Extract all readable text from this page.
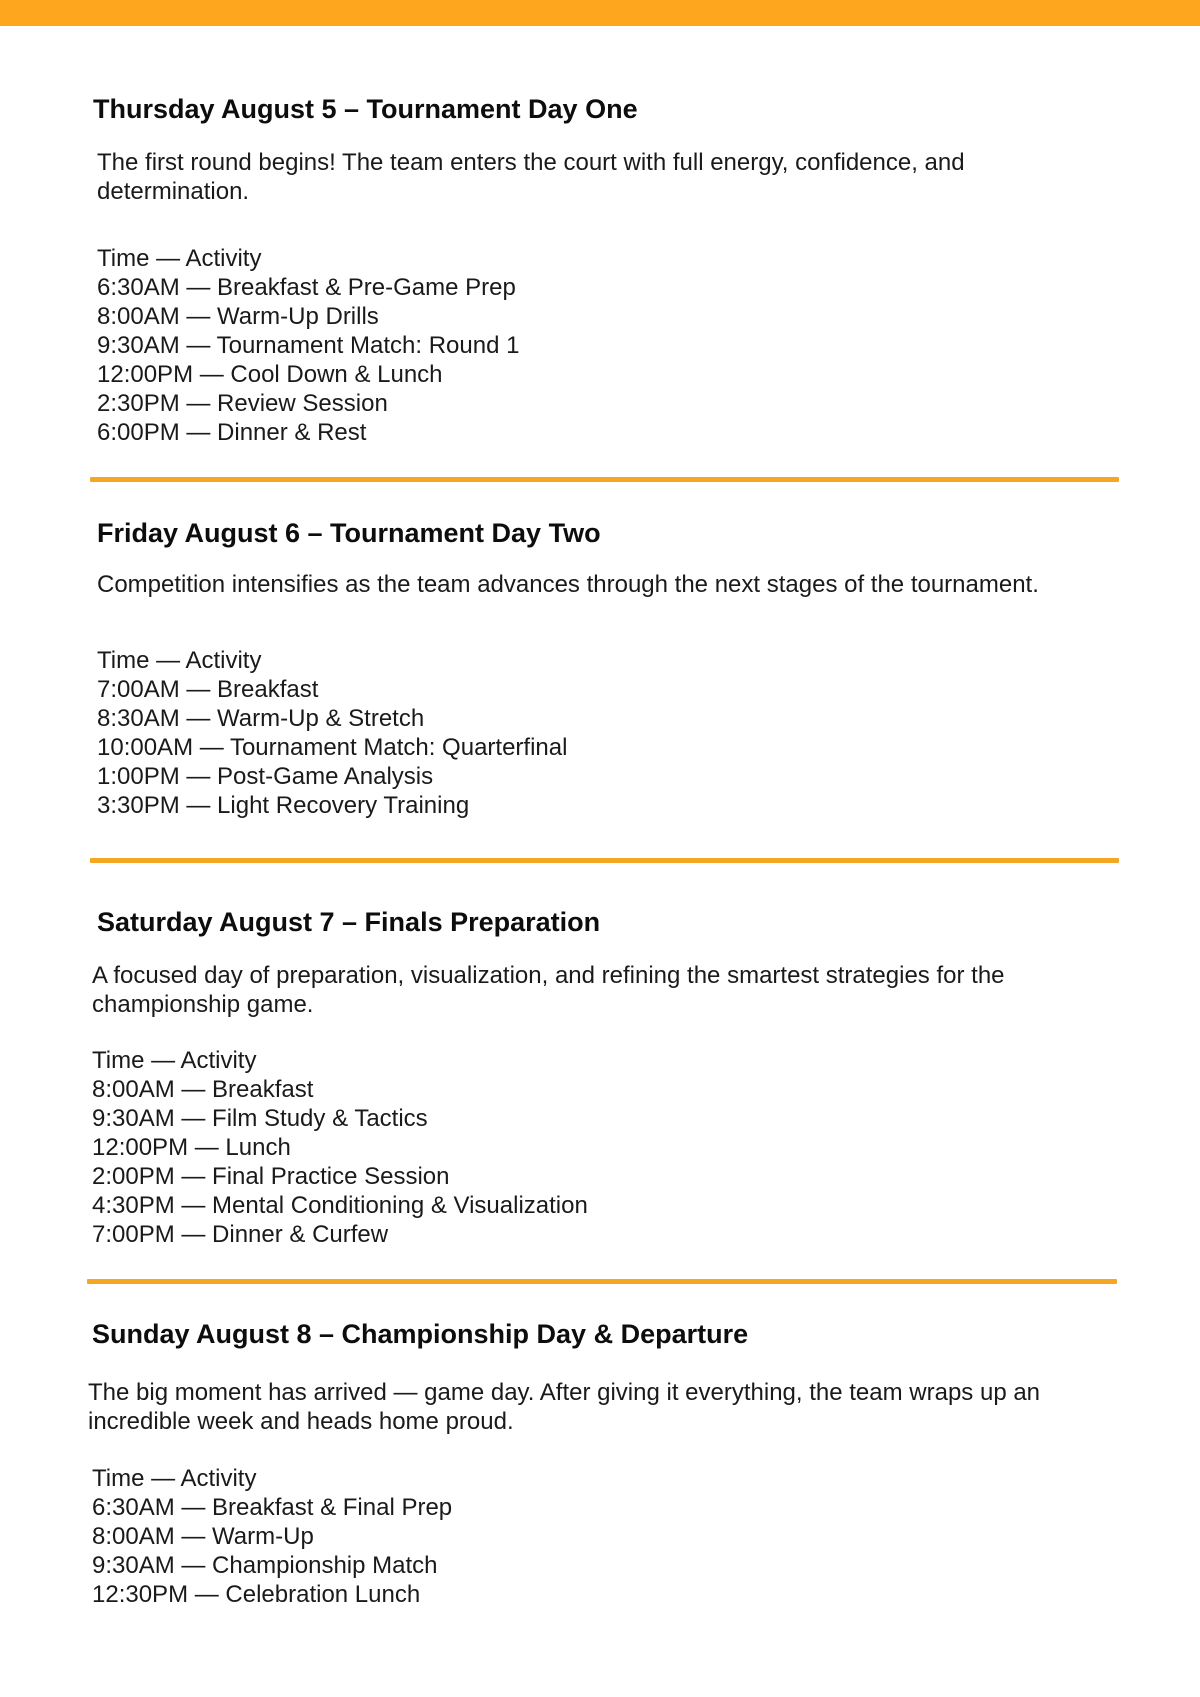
Thursday August 5 – Tournament Day One

The first round begins! The team enters the court with full energy, confidence, and determination.

Time — Activity
6:30AM — Breakfast & Pre-Game Prep
8:00AM — Warm-Up Drills
9:30AM — Tournament Match: Round 1
12:00PM — Cool Down & Lunch
2:30PM — Review Session
6:00PM — Dinner & Rest
Friday August 6 – Tournament Day Two

Competition intensifies as the team advances through the next stages of the tournament.

Time — Activity
7:00AM — Breakfast
8:30AM — Warm-Up & Stretch
10:00AM — Tournament Match: Quarterfinal
1:00PM — Post-Game Analysis
3:30PM — Light Recovery Training
Saturday August 7 – Finals Preparation

A focused day of preparation, visualization, and refining the smartest strategies for the championship game.

Time — Activity
8:00AM — Breakfast
9:30AM — Film Study & Tactics
12:00PM — Lunch
2:00PM — Final Practice Session
4:30PM — Mental Conditioning & Visualization
7:00PM — Dinner & Curfew
Sunday August 8 – Championship Day & Departure

The big moment has arrived — game day. After giving it everything, the team wraps up an incredible week and heads home proud.

Time — Activity
6:30AM — Breakfast & Final Prep
8:00AM — Warm-Up
9:30AM — Championship Match
12:30PM — Celebration Lunch
